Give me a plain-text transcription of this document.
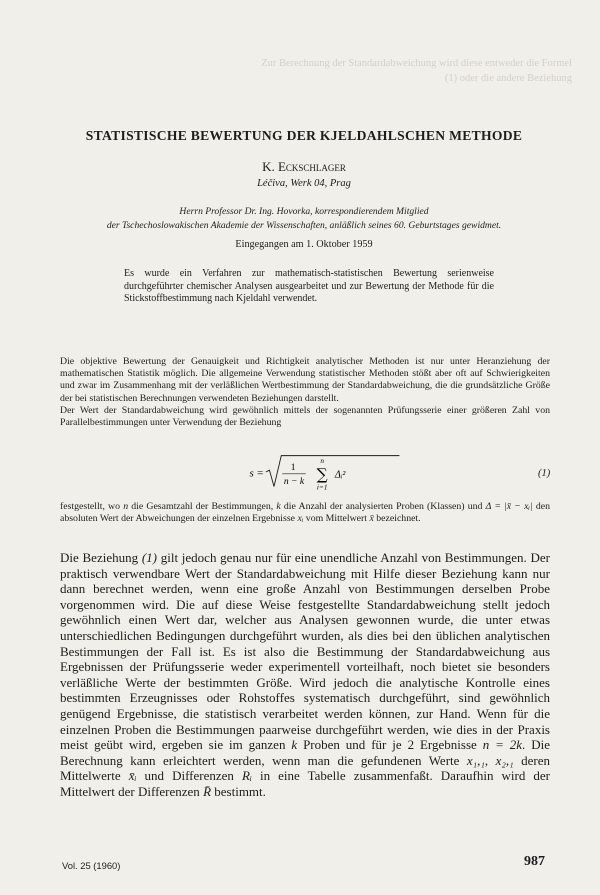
Zur Berechnung der Standardabweichung wird diese entweder die Formel
(1) oder die andere Beziehung
STATISTISCHE BEWERTUNG DER KJELDAHLSCHEN METHODE
K. Eckschlager
Léčiva, Werk 04, Prag
Herrn Professor Dr. Ing. Hovorka, korrespondierendem Mitglied
der Tschechoslowakischen Akademie der Wissenschaften, anläßlich seines 60. Geburtstages gewidmet.
Eingegangen am 1. Oktober 1959
Es wurde ein Verfahren zur mathematisch-statistischen Bewertung serienweise durchgeführter chemischer Analysen ausgearbeitet und zur Bewertung der Methode für die Stickstoffbestimmung nach Kjeldahl verwendet.

Die objektive Bewertung der Genauigkeit und Richtigkeit analytischer Methoden ist nur unter Heranziehung der mathematischen Statistik möglich. Die allgemeine Verwendung statistischer Methoden stößt aber oft auf Schwierigkeiten und zwar im Zusammenhang mit der verläßlichen Wertbestimmung der Standardabweichung, die die grundsätzliche Größe der bei statistischen Berechnungen verwendeten Beziehungen darstellt.

Der Wert der Standardabweichung wird gewöhnlich mittels der sogenannten Prüfungsserie einer größeren Zahl von Parallelbestimmungen unter Verwendung der Beziehung

s =	1
n − k
n
∑
i=1
Δᵢ²	(1)
festgestellt, wo n die Gesamtzahl der Bestimmungen, k die Anzahl der analysierten Proben (Klassen) und Δ = |x̄ − xᵢ| den absoluten Wert der Abweichungen der einzelnen Ergebnisse xᵢ vom Mittelwert x̄ bezeichnet.
Die Beziehung (1) gilt jedoch genau nur für eine unendliche Anzahl von Bestimmungen. Der praktisch verwendbare Wert der Standardabweichung mit Hilfe dieser Beziehung kann nur dann berechnet werden, wenn eine große Anzahl von Bestimmungen derselben Probe vorgenommen wird. Die auf diese Weise festgestellte Standardabweichung stellt jedoch gewöhnlich einen Wert dar, welcher aus Analysen gewonnen wurde, die unter etwas unterschiedlichen Bedingungen durchgeführt wurden, als dies bei den üblichen analytischen Bestimmungen der Fall ist. Es ist also die Bestimmung der Standardabweichung aus Ergebnissen der Prüfungsserie weder experimentell vorteilhaft, noch bietet sie besonders verläßliche Werte der bestimmten Größe. Wird jedoch die analytische Kontrolle eines bestimmten Erzeugnisses oder Rohstoffes systematisch durchgeführt, sind gewöhnlich genügend Ergebnisse, die statistisch verarbeitet werden können, zur Hand. Wenn für die einzelnen Proben die Bestimmungen paarweise durchgeführt werden, wie dies in der Praxis meist geübt wird, ergeben sie im ganzen k Proben und für je 2 Ergebnisse n = 2k. Die Berechnung kann erleichtert werden, wenn man die gefundenen Werte x₁,₁, x₂,₁ deren Mittelwerte x̄ᵢ und Differenzen Rᵢ in eine Tabelle zusammenfaßt. Daraufhin wird der Mittelwert der Differenzen R̄ bestimmt.
Vol. 25 (1960)	987
